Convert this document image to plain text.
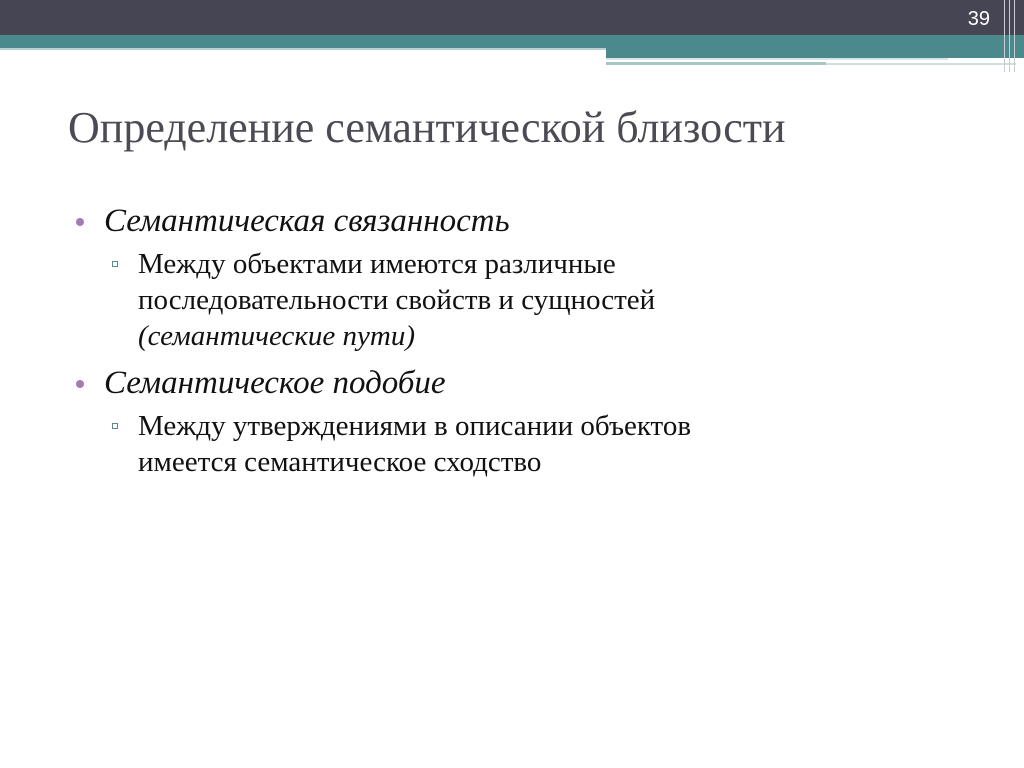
39
Определение семантической близости
Семантическая связанность
Между объектами имеются различные
последовательности свойств и сущностей
(семантические пути)
Семантическое подобие
Между утверждениями в описании объектов
имеется семантическое сходство
